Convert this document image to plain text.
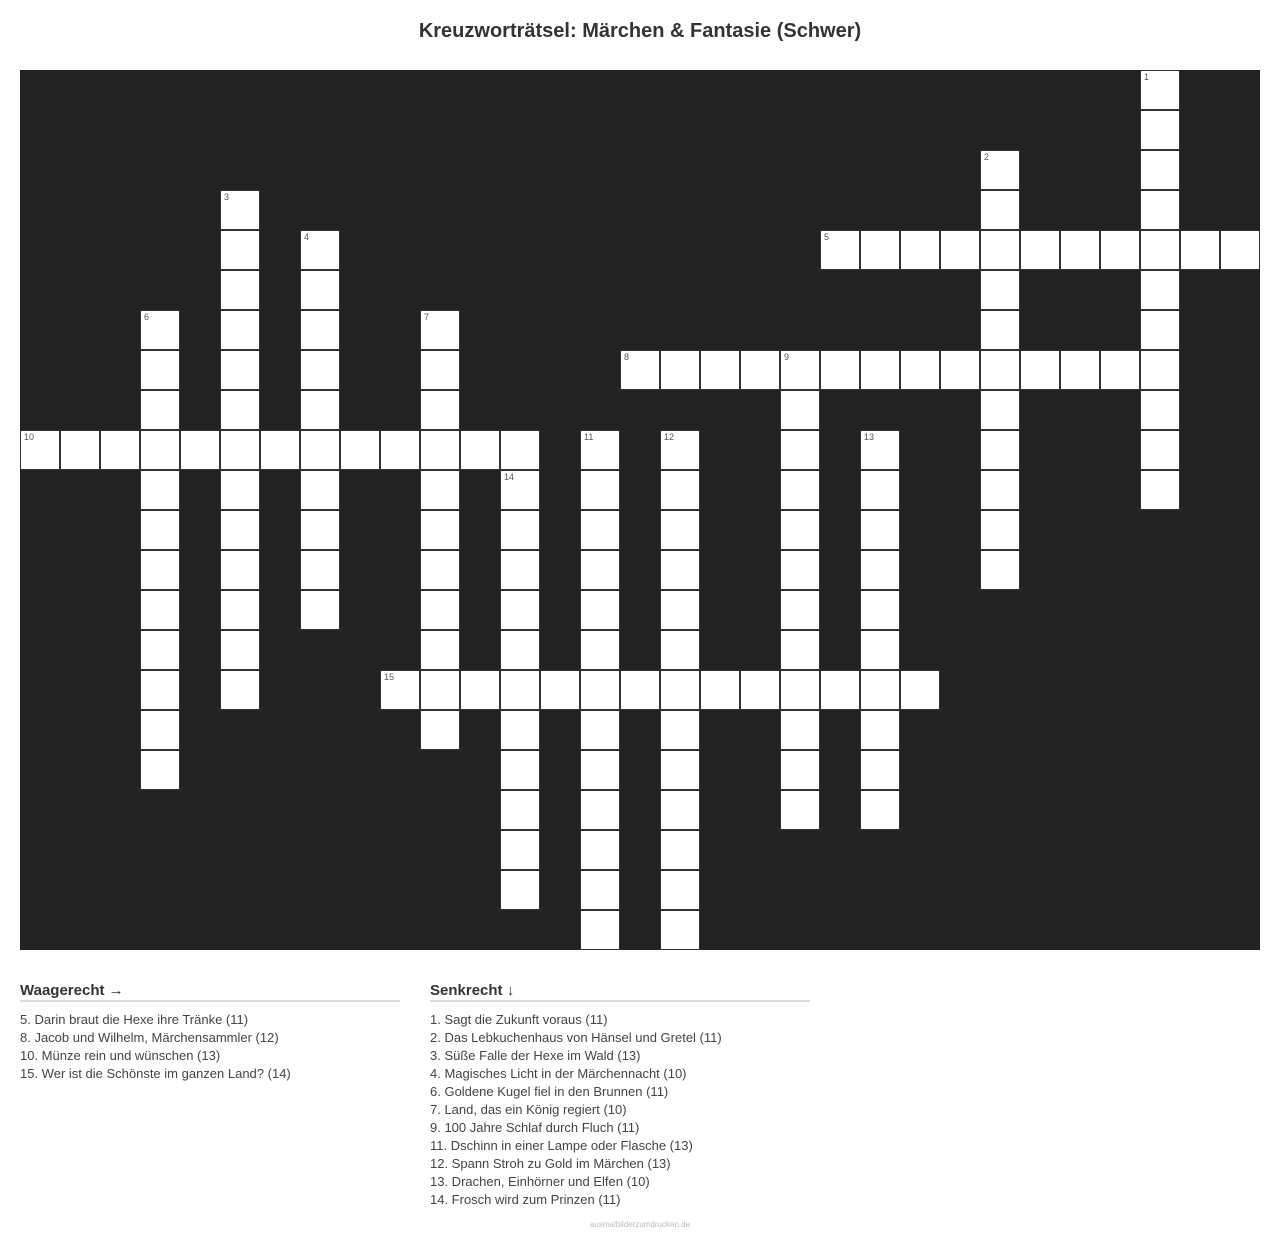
Kreuzworträtsel: Märchen & Fantasie (Schwer)
1
2
3
4	5
6	7
8	9
10	11	12	13
14
15
Waagerecht →
5. Darin braut die Hexe ihre Tränke (11)
8. Jacob und Wilhelm, Märchensammler (12)
10. Münze rein und wünschen (13)
15. Wer ist die Schönste im ganzen Land? (14)
Senkrecht ↓
1. Sagt die Zukunft voraus (11)
2. Das Lebkuchenhaus von Hänsel und Gretel (11)
3. Süße Falle der Hexe im Wald (13)
4. Magisches Licht in der Märchennacht (10)
6. Goldene Kugel fiel in den Brunnen (11)
7. Land, das ein König regiert (10)
9. 100 Jahre Schlaf durch Fluch (11)
11. Dschinn in einer Lampe oder Flasche (13)
12. Spann Stroh zu Gold im Märchen (13)
13. Drachen, Einhörner und Elfen (10)
14. Frosch wird zum Prinzen (11)
ausmalbilderzumdrucken.de
